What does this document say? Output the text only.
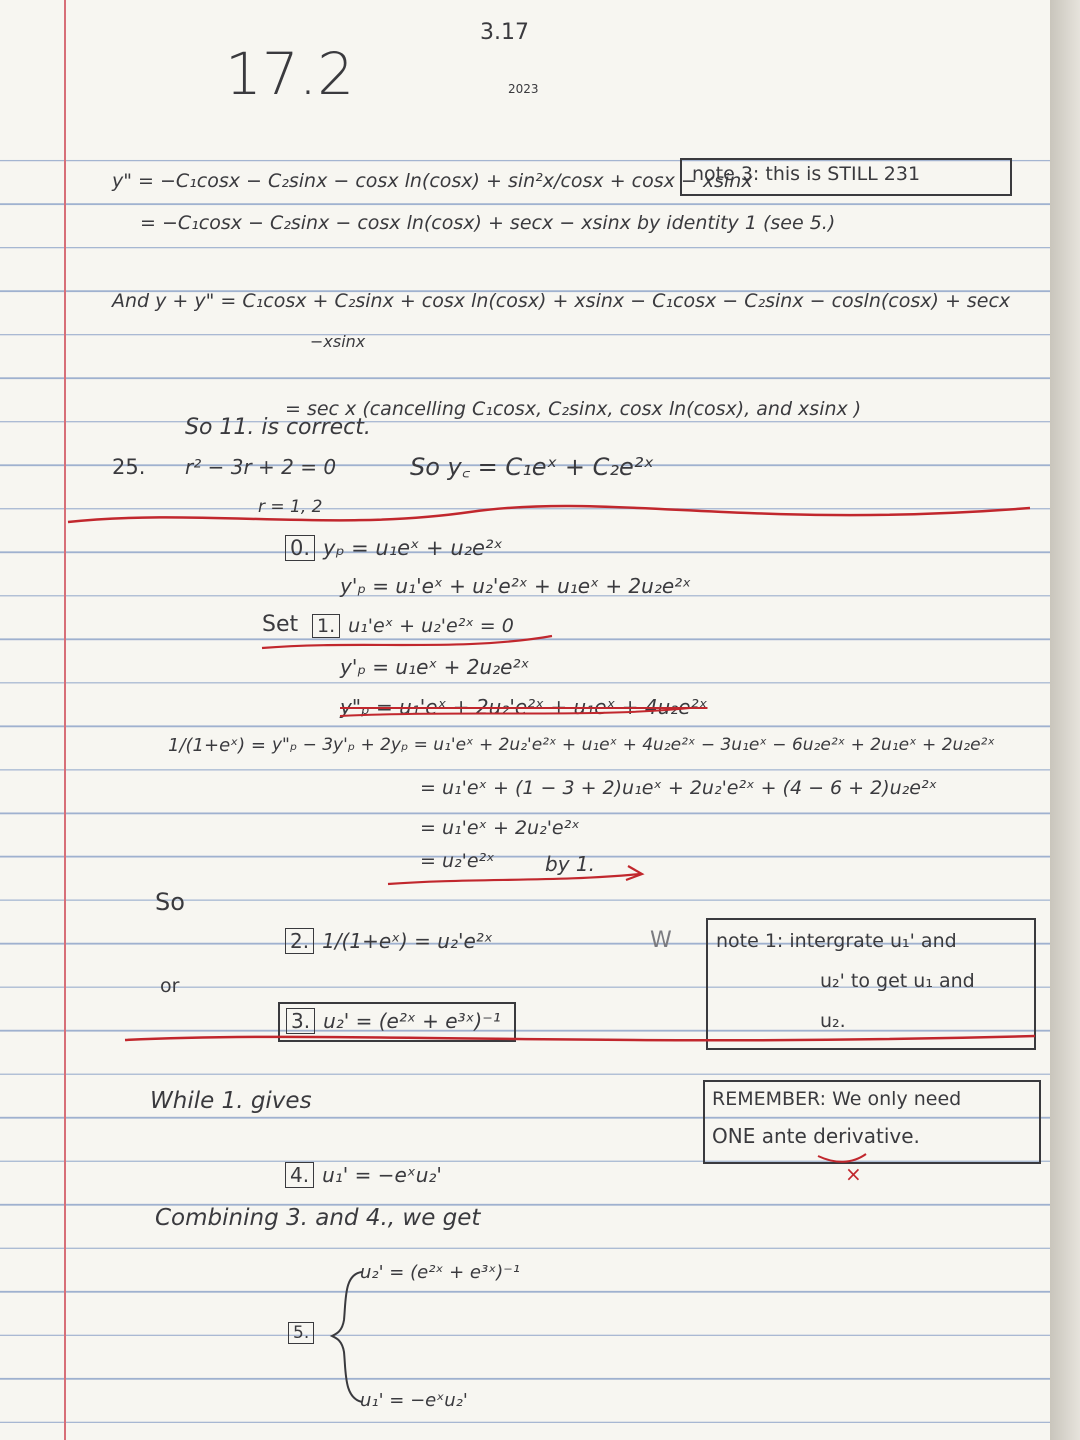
17.2
3.17
2023
y" = −C₁cosx − C₂sinx − cosx ln(cosx) + sin²x/cosx + cosx − xsinx
= −C₁cosx − C₂sinx − cosx ln(cosx) + secx − xsinx by identity 1 (see 5.)
note 3: this is STILL 231
And y + y" = C₁cosx + C₂sinx + cosx ln(cosx) + xsinx − C₁cosx − C₂sinx − cosln(cosx) + secx
−xsinx
= sec x (cancelling C₁cosx, C₂sinx, cosx ln(cosx), and xsinx )
So 11. is correct.
25. r² − 3r + 2 = 0	So y꜀ = C₁eˣ + C₂e²ˣ
r = 1, 2
0. yₚ = u₁eˣ + u₂e²ˣ
y'ₚ = u₁'eˣ + u₂'e²ˣ + u₁eˣ + 2u₂e²ˣ
Set 1. u₁'eˣ + u₂'e²ˣ = 0
y'ₚ = u₁eˣ + 2u₂e²ˣ
y"ₚ = u₁'eˣ + 2u₂'e²ˣ + u₁eˣ + 4u₂e²ˣ
1/(1+eˣ) = y"ₚ − 3y'ₚ + 2yₚ = u₁'eˣ + 2u₂'e²ˣ + u₁eˣ + 4u₂e²ˣ − 3u₁eˣ − 6u₂e²ˣ + 2u₁eˣ + 2u₂e²ˣ
= u₁'eˣ + (1 − 3 + 2)u₁eˣ + 2u₂'e²ˣ + (4 − 6 + 2)u₂e²ˣ
= u₁'eˣ + 2u₂'e²ˣ
= u₂'e²ˣ	by 1.
So
2. 1/(1+eˣ) = u₂'e²ˣ
or
3. u₂' = (e²ˣ + e³ˣ)⁻¹
W note 1: intergrate u₁' and
u₂' to get u₁ and
u₂.
While 1. gives	REMEMBER: We only need
ONE ante derivative.
×
4. u₁' = −eˣu₂'
Combining 3. and 4., we get
u₂' = (e²ˣ + e³ˣ)⁻¹
5.
u₁' = −eˣu₂'
